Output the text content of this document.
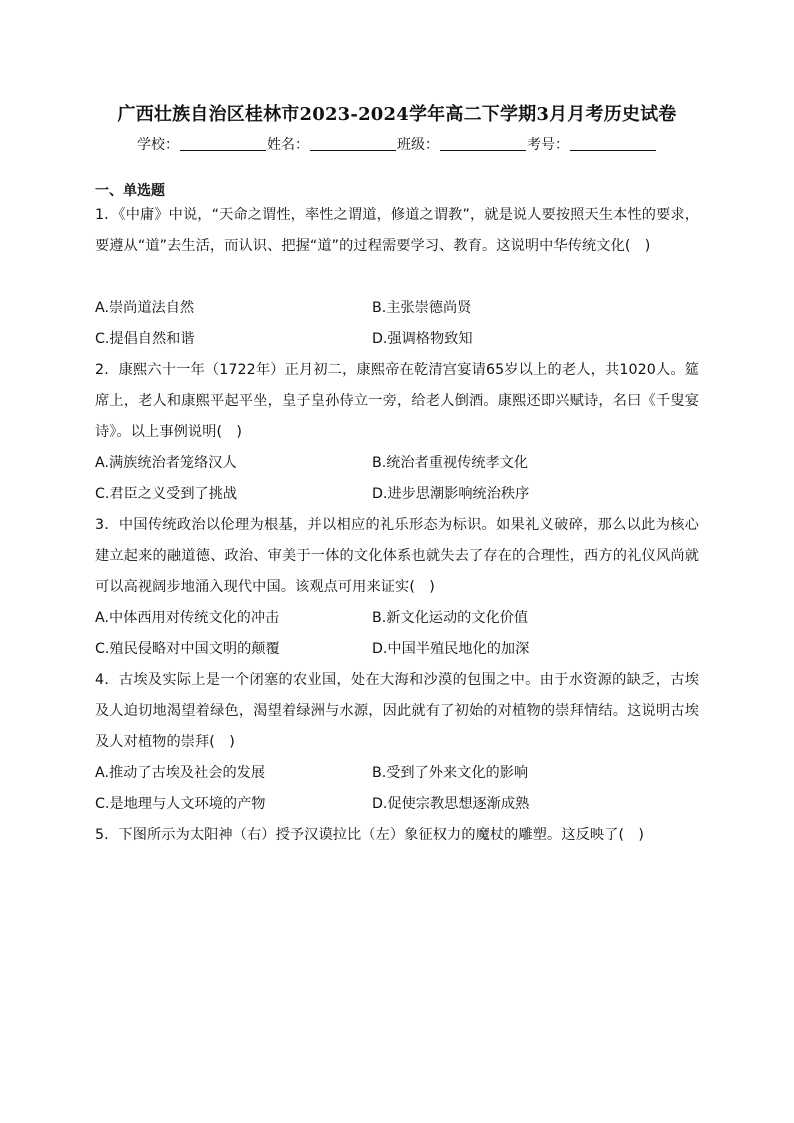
广西壮族自治区桂林市2023-2024学年高二下学期3月月考历史试卷
学校：	姓名：	班级：	考号：
一、单选题
1．《中庸》中说，“天命之谓性，率性之谓道，修道之谓教”，就是说人要按照天生本性的要求，要遵从“道”去生活，而认识、把握“道”的过程需要学习、教育。这说明中华传统文化(　)
A.崇尚道法自然	B.主张崇德尚贤
C.提倡自然和谐	D.强调格物致知
2．康熙六十一年（1722年）正月初二，康熙帝在乾清宫宴请65岁以上的老人，共1020人。筵席上，老人和康熙平起平坐，皇子皇孙侍立一旁，给老人倒酒。康熙还即兴赋诗，名曰《千叟宴诗》。以上事例说明(　)
A.满族统治者笼络汉人	B.统治者重视传统孝文化
C.君臣之义受到了挑战	D.进步思潮影响统治秩序
3．中国传统政治以伦理为根基，并以相应的礼乐形态为标识。如果礼义破碎，那么以此为核心建立起来的融道德、政治、审美于一体的文化体系也就失去了存在的合理性，西方的礼仪风尚就可以高视阔步地涌入现代中国。该观点可用来证实(　)
A.中体西用对传统文化的冲击	B.新文化运动的文化价值
C.殖民侵略对中国文明的颠覆	D.中国半殖民地化的加深
4．古埃及实际上是一个闭塞的农业国，处在大海和沙漠的包围之中。由于水资源的缺乏，古埃及人迫切地渴望着绿色，渴望着绿洲与水源，因此就有了初始的对植物的崇拜情结。这说明古埃及人对植物的崇拜(　)
A.推动了古埃及社会的发展	B.受到了外来文化的影响
C.是地理与人文环境的产物	D.促使宗教思想逐渐成熟
5．下图所示为太阳神（右）授予汉谟拉比（左）象征权力的魔杖的雕塑。这反映了(　)
